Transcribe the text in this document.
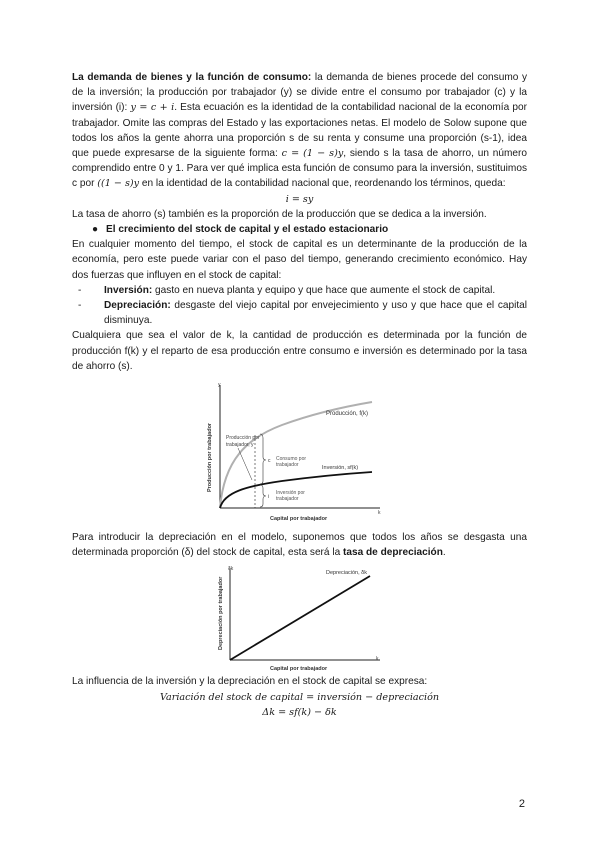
La demanda de bienes y la función de consumo: la demanda de bienes procede del consumo y de la inversión; la producción por trabajador (y) se divide entre el consumo por trabajador (c) y la inversión (i): y = c + i. Esta ecuación es la identidad de la contabilidad nacional de la economía por trabajador. Omite las compras del Estado y las exportaciones netas. El modelo de Solow supone que todos los años la gente ahorra una proporción s de su renta y consume una proporción (s-1), idea que puede expresarse de la siguiente forma: c = (1 − s)y, siendo s la tasa de ahorro, un número comprendido entre 0 y 1. Para ver qué implica esta función de consumo para la inversión, sustituimos c por ((1 − s)y en la identidad de la contabilidad nacional que, reordenando los términos, queda:

i = sy

La tasa de ahorro (s) también es la proporción de la producción que se dedica a la inversión.

● El crecimiento del stock de capital y el estado estacionario

En cualquier momento del tiempo, el stock de capital es un determinante de la producción de la economía, pero este puede variar con el paso del tiempo, generando crecimiento económico. Hay dos fuerzas que influyen en el stock de capital:

- Inversión: gasto en nueva planta y equipo y que hace que aumente el stock de capital.
- Depreciación: desgaste del viejo capital por envejecimiento y uso y que hace que el capital disminuya.

Cualquiera que sea el valor de k, la cantidad de producción es determinada por la función de producción f(k) y el reparto de esa producción entre consumo e inversión es determinado por la tasa de ahorro (s).

y
k
Producción, f(k)
Inversión, sf(k)
Producción por
trabajador, y
c Consumo por
trabajador
i
Inversión por
trabajador
Producción por trabajador
Capital por trabajador

Para introducir la depreciación en el modelo, suponemos que todos los años se desgasta una determinada proporción (δ) del stock de capital, esta será la tasa de depreciación.

δk
k
Depreciación, δk
Depreciación por trabajador
Capital por trabajador

La influencia de la inversión y la depreciación en el stock de capital se expresa:

Variación del stock de capital = inversión − depreciación

Δk = sf(k) − δk

2
